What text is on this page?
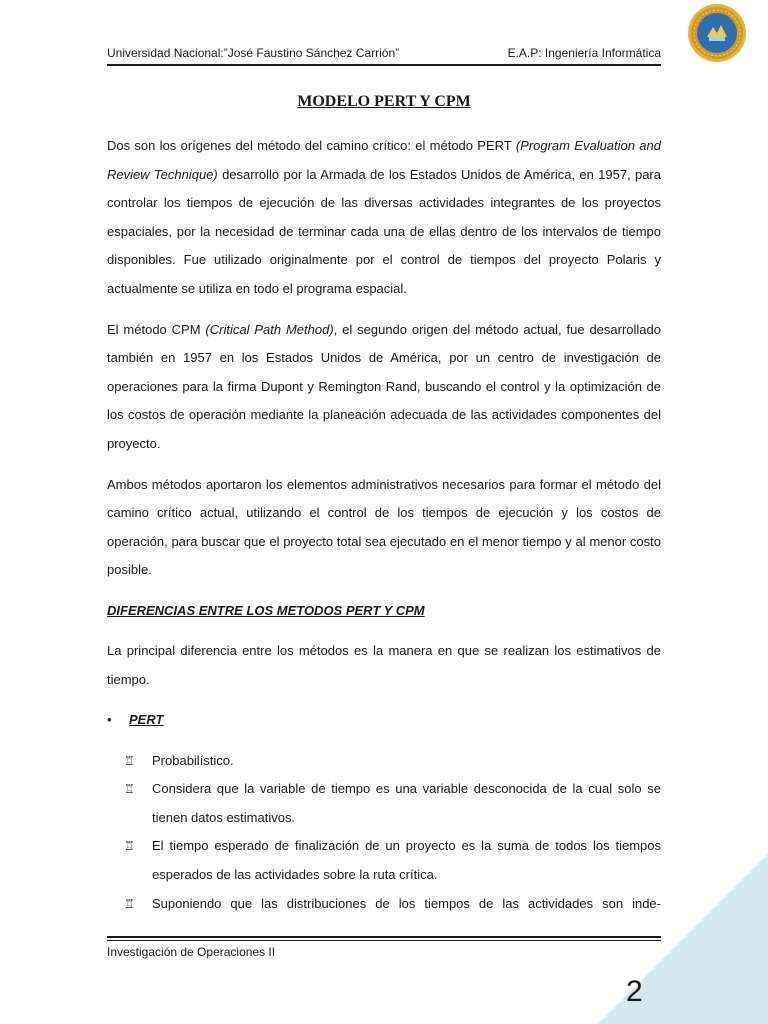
Universidad Nacional:”José Faustino Sánchez Carrión”	E.A.P: Ingeniería Informática
MODELO PERT Y CPM

Dos son los orígenes del método del camino crítico: el método PERT (Program Evaluation and Review Technique) desarrollo por la Armada de los Estados Unidos de América, en 1957, para controlar los tiempos de ejecución de las diversas actividades integrantes de los proyectos espaciales, por la necesidad de terminar cada una de ellas dentro de los intervalos de tiempo disponibles. Fue utilizado originalmente por el control de tiempos del proyecto Polaris y actualmente se utiliza en todo el programa espacial.

El método CPM (Critical Path Method), el segundo origen del método actual, fue desarrollado también en 1957 en los Estados Unidos de América, por un centro de investigación de operaciones para la firma Dupont y Remington Rand, buscando el control y la optimización de los costos de operación mediante la planeación adecuada de las actividades componentes del proyecto.

Ambos métodos aportaron los elementos administrativos necesarios para formar el método del camino crítico actual, utilizando el control de los tiempos de ejecución y los costos de operación, para buscar que el proyecto total sea ejecutado en el menor tiempo y al menor costo posible.

DIFERENCIAS ENTRE LOS METODOS PERT Y CPM

La principal diferencia entre los métodos es la manera en que se realizan los estimativos de tiempo.

•	PERT

♖	Probabilístico.
♖	Considera que la variable de tiempo es una variable desconocida de la cual solo se tienen datos estimativos.
♖	El tiempo esperado de finalización de un proyecto es la suma de todos los tiempos esperados de las actividades sobre la ruta crítica.
♖	Suponiendo que las distribuciones de los tiempos de las actividades son inde-
Investigación de Operaciones II
2
